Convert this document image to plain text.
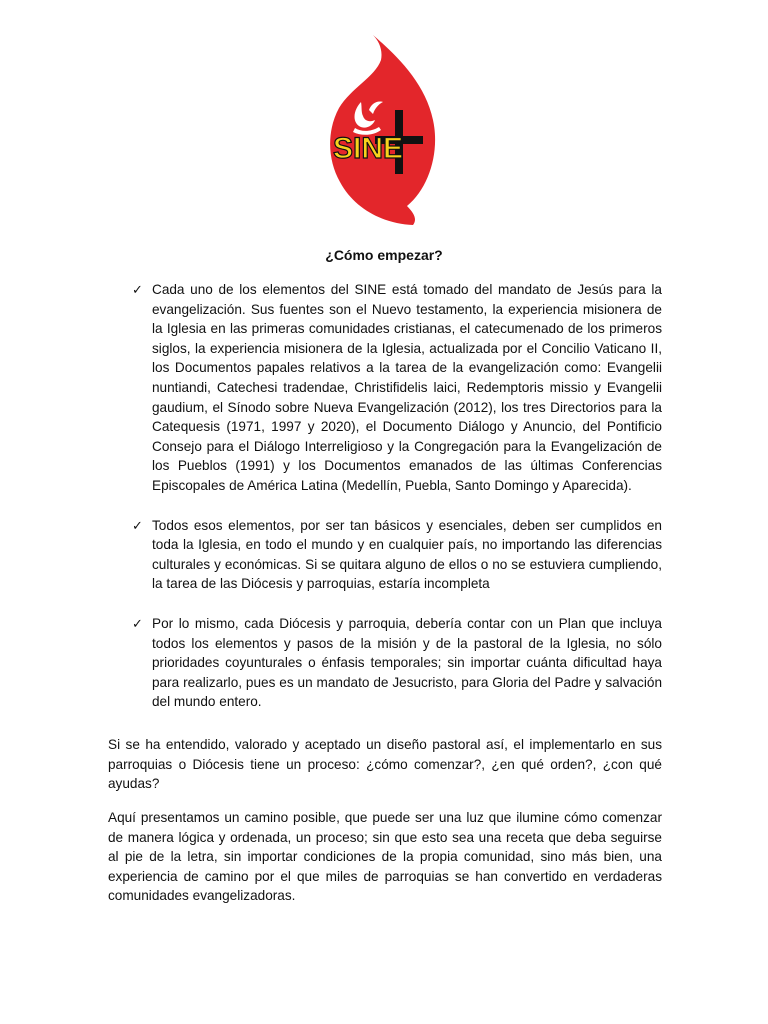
SINE

¿Cómo empezar?

✓ Cada uno de los elementos del SINE está tomado del mandato de Jesús para la evangelización. Sus fuentes son el Nuevo testamento, la experiencia misionera de la Iglesia en las primeras comunidades cristianas, el catecumenado de los primeros siglos, la experiencia misionera de la Iglesia, actualizada por el Concilio Vaticano II, los Documentos papales relativos a la tarea de la evangelización como: Evangelii nuntiandi, Catechesi tradendae, Christifidelis laici, Redemptoris missio y Evangelii gaudium, el Sínodo sobre Nueva Evangelización (2012), los tres Directorios para la Catequesis (1971, 1997 y 2020), el Documento Diálogo y Anuncio, del Pontificio Consejo para el Diálogo Interreligioso y la Congregación para la Evangelización de los Pueblos (1991) y los Documentos emanados de las últimas Conferencias Episcopales de América Latina (Medellín, Puebla, Santo Domingo y Aparecida).

✓ Todos esos elementos, por ser tan básicos y esenciales, deben ser cumplidos en toda la Iglesia, en todo el mundo y en cualquier país, no importando las diferencias culturales y económicas. Si se quitara alguno de ellos o no se estuviera cumpliendo, la tarea de las Diócesis y parroquias, estaría incompleta

✓ Por lo mismo, cada Diócesis y parroquia, debería contar con un Plan que incluya todos los elementos y pasos de la misión y de la pastoral de la Iglesia, no sólo prioridades coyunturales o énfasis temporales; sin importar cuánta dificultad haya para realizarlo, pues es un mandato de Jesucristo, para Gloria del Padre y salvación del mundo entero.

Si se ha entendido, valorado y aceptado un diseño pastoral así, el implementarlo en sus parroquias o Diócesis tiene un proceso: ¿cómo comenzar?, ¿en qué orden?, ¿con qué ayudas?

Aquí presentamos un camino posible, que puede ser una luz que ilumine cómo comenzar de manera lógica y ordenada, un proceso; sin que esto sea una receta que deba seguirse al pie de la letra, sin importar condiciones de la propia comunidad, sino más bien, una experiencia de camino por el que miles de parroquias se han convertido en verdaderas comunidades evangelizadoras.
